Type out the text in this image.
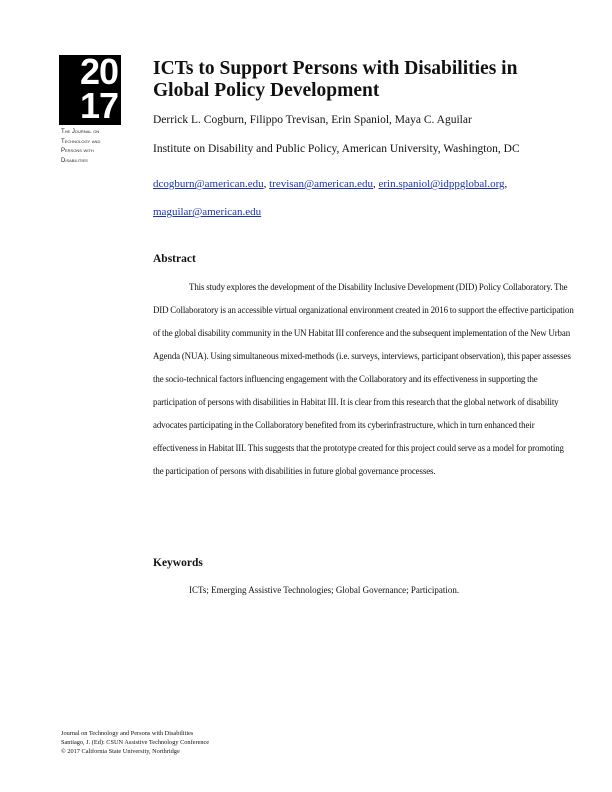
20
17
The Journal on
Technology and
Persons with
Disabilities
ICTs to Support Persons with Disabilities in Global Policy Development
Derrick L. Cogburn, Filippo Trevisan, Erin Spaniol, Maya C. Aguilar
Institute on Disability and Public Policy, American University, Washington, DC
dcogburn@american.edu, trevisan@american.edu, erin.spaniol@idppglobal.org,
maguilar@american.edu
Abstract

This study explores the development of the Disability Inclusive Development (DID) Policy Collaboratory. The DID Collaboratory is an accessible virtual organizational environment created in 2016 to support the effective participation of the global disability community in the UN Habitat III conference and the subsequent implementation of the New Urban Agenda (NUA). Using simultaneous mixed-methods (i.e. surveys, interviews, participant observation), this paper assesses the socio-technical factors influencing engagement with the Collaboratory and its effectiveness in supporting the participation of persons with disabilities in Habitat III. It is clear from this research that the global network of disability advocates participating in the Collaboratory benefited from its cyberinfrastructure, which in turn enhanced their effectiveness in Habitat III. This suggests that the prototype created for this project could serve as a model for promoting the participation of persons with disabilities in future global governance processes.

Keywords

ICTs; Emerging Assistive Technologies; Global Governance; Participation.

Journal on Technology and Persons with Disabilities
Santiago, J. (Ed): CSUN Assistive Technology Conference
© 2017 California State University, Northridge
